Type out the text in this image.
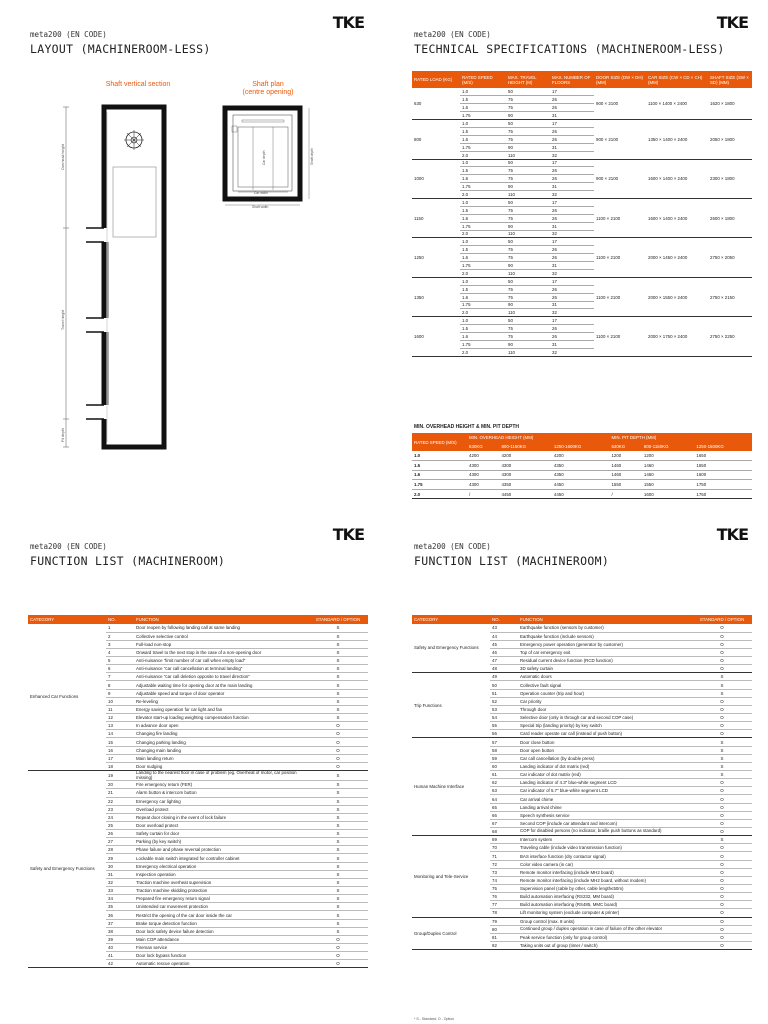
TKE
meta200 (EN CODE)
LAYOUT (MACHINEROOM-LESS)
Shaft vertical section	Shaft plan
(centre opening)
Overhead height
Travel height
Pit depth
Car width
Shaft width
Car depth	Shaft depth
TKE
meta200 (EN CODE)
TECHNICAL SPECIFICATIONS (MACHINEROOM-LESS)
RATED LOAD (KG)	RATED SPEED (M/S)	MAX. TRAVEL HEIGHT (M)	MAX. NUMBER OF FLOORS	DOOR SIZE (DW × DH) (MM)	CAR SIZE (CW × CD × CH) (MM)	SHAFT SIZE (SW × SD) (MM)
630	1.0	50	17	900 × 2100	1100 × 1400 × 2400	1620 × 1800
	1.5	75	26			
	1.6	75	26			
	1.75	90	31			
800	1.0	50	17	900 × 2100	1350 × 1400 × 2400	2050 × 1800
	1.5	75	26			
	1.6	75	26			
	1.75	90	31			
	2.0	110	32			
1000	1.0	50	17	900 × 2100	1600 × 1400 × 2400	2300 × 1800
	1.5	75	26			
	1.6	75	26			
	1.75	90	31			
	2.0	110	32			
1150	1.0	50	17	1100 × 2100	1600 × 1400 × 2400	2600 × 1800
	1.5	75	26			
	1.6	75	26			
	1.75	90	31			
	2.0	110	32			
1250	1.0	50	17	1100 × 2100	2000 × 1450 × 2400	2750 × 2050
	1.5	75	26			
	1.6	75	26			
	1.75	90	31			
	2.0	110	32			
1350	1.0	50	17	1100 × 2100	2000 × 1550 × 2400	2750 × 2150
	1.5	75	26			
	1.6	75	26			
	1.75	90	31			
	2.0	110	32			
1600	1.0	50	17	1100 × 2100	2000 × 1750 × 2400	2750 × 2250
	1.5	75	26			
	1.6	75	26			
	1.75	90	31			
	2.0	110	32			
MIN. OVERHEAD HEIGHT & MIN. PIT DEPTH
RATED SPEED (M/S)	MIN. OVERHEAD HEIGHT (MM)			MIN. PIT DEPTH (MM)		
	630KG	800-1150KG	1250-1600KG	630KG	800-1150KG	1250-1600KG
1.0	4200	4200	4200	1200	1200	1650
1.5	4300	4300	4350	1460	1460	1650
1.6	4300	4300	4350	1460	1460	1600
1.75	4300	4350	4450	1550	1550	1750
2.0	/	4450	4450	/	1600	1750
TKE
meta200 (EN CODE)
FUNCTION LIST (MACHINEROOM)
CATEGORY	NO.	FUNCTION	STANDARD / OPTION
Enhanced Car Functions	1	Door reopen by following landing call at same landing	S
	2	Collective selective control	S
	3	Full-load non-stop	S
	4	Onward travel to the next stop in the case of a non-opening door	S
	5	Anti-nuisance "limit number of car call when empty load"	S
	6	Anti-nuisance "car call cancellation at terminal landing"	S
	7	Anti-nuisance "car call deletion opposite to travel direction"	S
	8	Adjustable waiting time for opening door at the main landing	S
	9	Adjustable speed and torque of door operator	S
	10	Re-leveling	S
	11	Energy saving operation for car light and fan	S
	12	Elevator start-up loading weighting compensation function	S
	13	In advance door open	O
	14	Changing fire landing	O
	15	Changing parking landing	O
	16	Changing main landing	O
	17	Main landing return	O
	18	Door nudging	O
Safety and Emergency Functions	19	Landing to the nearest floor in case of problem (eg. Overheat of motor, car position missing)	S
	20	Fire emergency return (FER)	S
	21	Alarm button & intercom button	S
	22	Emergency car lighting	S
	23	Overload protect	S
	24	Repeat door closing in the event of lock failure	S
	25	Door overload protect	S
	26	Safety curtain for door	S
	27	Parking (by key switch)	S
	28	Phase failure and phase reversal protection	S
	29	Lockable main switch integrated for controller cabinet	S
	30	Emergency electrical operation	S
	31	Inspection operation	S
	32	Traction machine overheat supervision	S
	33	Traction machine skidding protection	S
	34	Prepared fire emergency return signal	S
	35	Unintended car movement protection	S
	36	Restrict the opening of the car door inside the car	S
	37	Brake torque detection function	S
	38	Door lock safety device failure detection	S
	39	Main COP attendance	O
	40	Fireman service	O
	41	Door lock bypass function	O
	42	Automatic rescue operation	O
TKE
meta200 (EN CODE)
FUNCTION LIST (MACHINEROOM)
CATEGORY	NO.	FUNCTION	STANDARD / OPTION
Safety and Emergency Functions	43	Earthquake function (sensors by customer)	O
	44	Earthquake function (include sensors)	O
	45	Emergency power operation (generator by customer)	O
	46	Top of car emergency exit	O
	47	Residual current device function (RCD function)	O
	48	3D safety curtain	O
Trip Functions	49	Automatic doors	S
	50	Collective fault signal	S
	51	Operation counter (trip and hour)	S
	52	Car priority	O
	53	Through door	O
	54	Selective door (only in through car and second COP case)	O
	55	Special trip (landing priority) by key switch	O
	56	Card reader operate car call (instead of push button)	O
Human Machine Interface	57	Door close button	S
	58	Door open button	S
	59	Car call cancellation (by double press)	S
	60	Landing indicator of dot matrix (red)	S
	61	Car indicator of dot matrix (red)	S
	62	Landing indicator of 4.3" blue-white segment LCD	O
	63	Car indicator of 5.7" blue-white segment LCD	O
	64	Car arrival chime	O
	65	Landing arrival chime	O
	66	Speech synthesis service	O
	67	Second COP (include car attendant and intercom)	O
	68	COP for disabled persons (no indicator, braille push buttons as standard)	O
Monitoring and Tele-Service	69	Intercom system	S
	70	Traveling cable (include video transmission function)	O
	71	BAS interface function (dry contactor signal)	O
	72	Color video camera (in car)	O
	73	Remote monitor interfacing (include MH2 board)	O
	74	Remote monitor interfacing (include MH2 board, without modem)	O
	75	Supervision panel (cable by other, cable length≤50m)	O
	76	Build automation interfacing (RS232, MM board)	O
	77	Build automation interfacing (RS485, MMC board)	O
	78	Lift monitoring system (exclude computer & printer)	O
Group/Duplex Control	79	Group control (max. 8 units)	O
	80	Continued group / duplex operation in case of failure of the other elevator	O
	81	Peak service function (only for group control)	O
	82	Taking units out of group (timer / switch)	O
* S - Standard, O - Option
